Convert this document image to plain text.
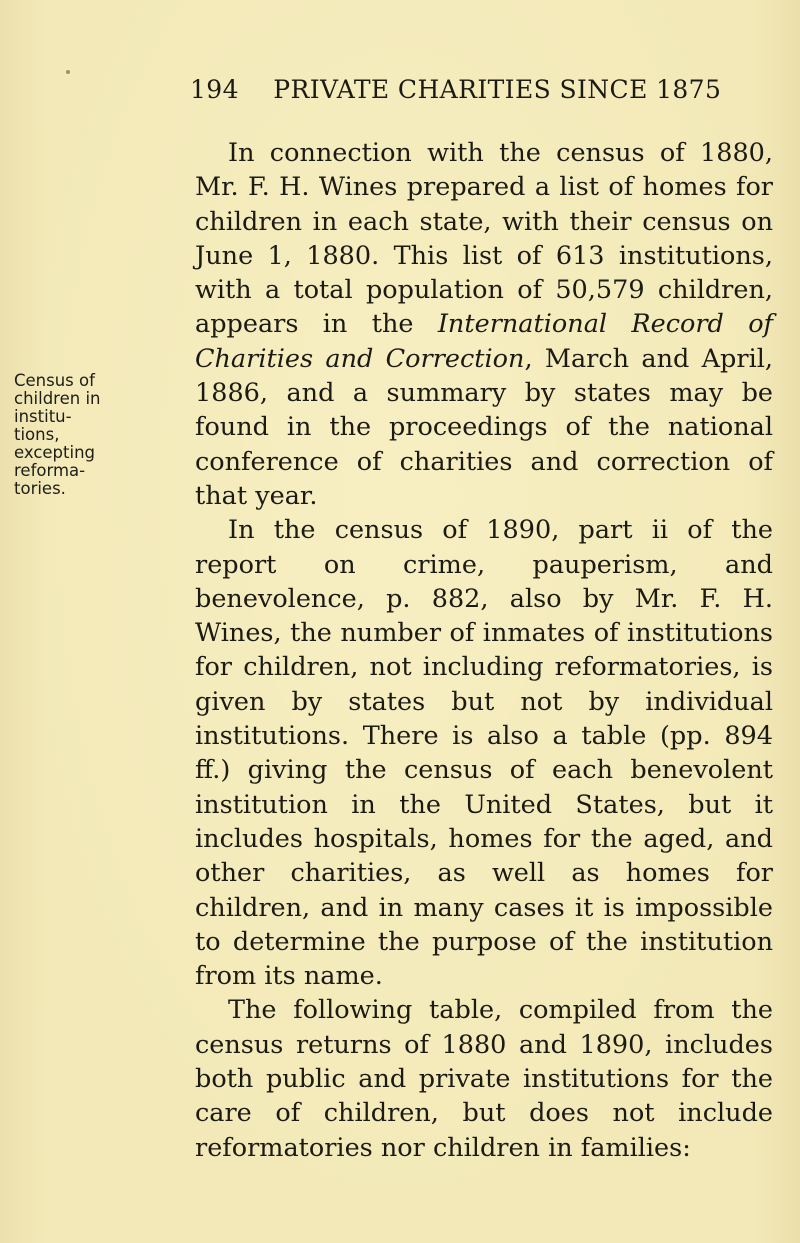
194 PRIVATE CHARITIES SINCE 1875
Census of
children in
institu-
tions,
excepting
reforma-
tories.

In connection with the census of 1880, Mr. F. H. Wines prepared a list of homes for children in each state, with their census on June 1, 1880. This list of 613 institutions, with a total population of 50,579 children, appears in the International Record of Charities and Correction, March and April, 1886, and a summary by states may be found in the proceedings of the national conference of charities and correction of that year.

In the census of 1890, part ii of the report on crime, pauperism, and benevolence, p. 882, also by Mr. F. H. Wines, the number of inmates of institutions for children, not including reformatories, is given by states but not by individual institutions. There is also a table (pp. 894 ff.) giving the census of each benevolent institution in the United States, but it includes hospitals, homes for the aged, and other charities, as well as homes for children, and in many cases it is impossible to determine the purpose of the institution from its name.

The following table, compiled from the census returns of 1880 and 1890, includes both public and private institutions for the care of children, but does not include reformatories nor children in families:
